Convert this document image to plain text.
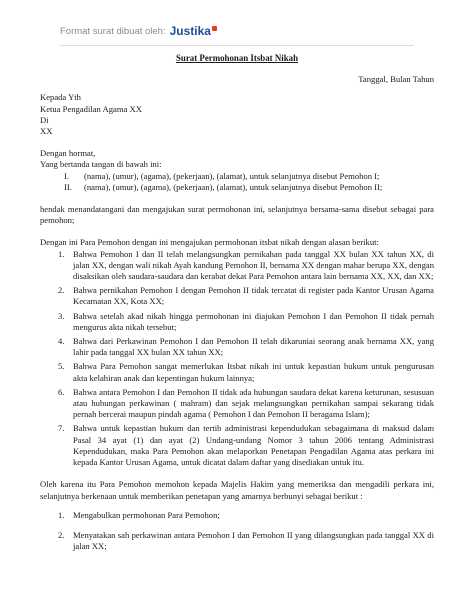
Format surat dibuat oleh: Justika
Surat Permohonan Itsbat Nikah
Tanggal, Bulan Tahun
Kepada Yth
Ketua Pengadilan Agama XX
Di
XX
Dengan hormat,
Yang bertanda tangan di bawah ini:
I.	(nama), (umur), (agama), (pekerjaan), (alamat), untuk selanjutnya disebut Pemohon I;
II.	(nama), (umur), (agama), (pekerjaan), (alamat), untuk selanjutnya disebut Pemohon II;
hendak menandatangani dan mengajukan surat permohonan ini, selanjutnya bersama-sama disebut sebagai para pemohon;
Dengan ini Para Pemohon dengan ini mengajukan permohonan itsbat nikah dengan alasan berikut:
1. Bahwa Pemohon I dan II telah melangsungkan pernikahan pada tanggal XX bulan XX tahun XX, di jalan XX, dengan wali nikah Ayah kandung Pemohon II, bernama XX dengan mahar berupa XX, dengan disaksikan oleh saudara-saudara dan kerabat dekat Para Pemohon antara lain bernama XX, XX, dan XX;
2. Bahwa pernikahan Pemohon I dengan Pemohon II tidak tercatat di register pada Kantor Urusan Agama Kecamatan XX, Kota XX;
3. Bahwa setelah akad nikah hingga permohonan ini diajukan Pemohon I dan Pemohon II tidak pernah mengurus akta nikah tersebut;
4. Bahwa dari Perkawinan Pemohon I dan Pemohon II telah dikaruniai seorang anak bernama XX, yang lahir pada tanggal XX bulan XX tahun XX;
5. Bahwa Para Pemohon sangat memerlukan Itsbat nikah ini untuk kepastian hukum untuk pengurusan akta kelahiran anak dan kepentingan hukum lainnya;
6. Bahwa antara Pemohon I dan Pemohon II tidak ada hubungan saudara dekat karena keturunan, sesusuan atau hubungan perkawinan ( mahram) dan sejak melangsungkan pernikahan sampai sekarang tidak pernah bercerai maupun pindah agama ( Pemohon I dan Pemohon II beragama Islam);
7. Bahwa untuk kepastian hukum dan tertib administrasi kependudukan sebagaimana di maksud dalam Pasal 34 ayat (1) dan ayat (2) Undang-undang Nomor 3 tahun 2006 tentang Administrasi Kependudukan, maka Para Pemohon akan melaporkan Penetapan Pengadilan Agama atas perkara ini kepada Kantor Urusan Agama, untuk dicatat dalam daftar yang disediakan untuk itu.
Oleh karena itu Para Pemohon memohon kepada Majelis Hakim yang memeriksa dan mengadili perkara ini, selanjutnya berkenaan untuk memberikan penetapan yang amarnya berbunyi sebagai berikut :
1. Mengabulkan permohonan Para Pemohon;
2. Menyatakan sah perkawinan antara Pemohon I dan Pemohon II yang dilangsungkan pada tanggal XX di jalan XX;
